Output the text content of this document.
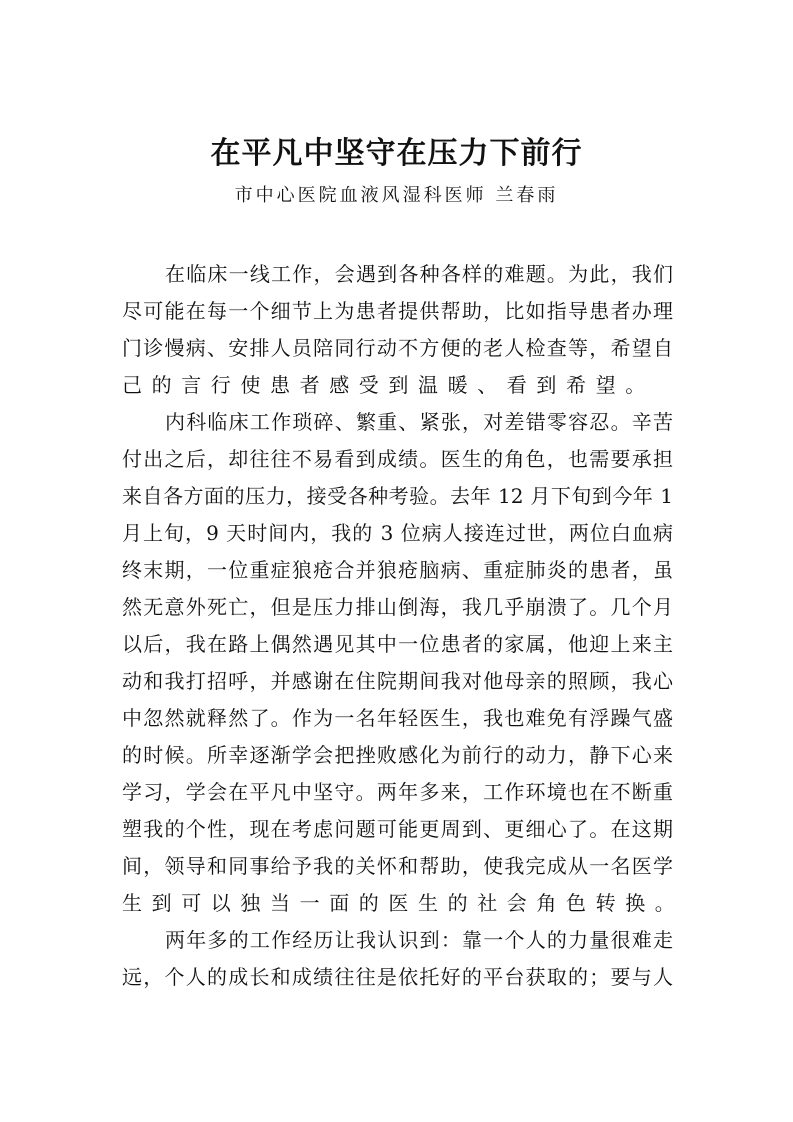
在平凡中坚守在压力下前行
市中心医院血液风湿科医师 兰春雨
在临床一线工作，会遇到各种各样的难题。为此，我们
尽可能在每一个细节上为患者提供帮助，比如指导患者办理
门诊慢病、安排人员陪同行动不方便的老人检查等，希望自
己的言行使患者感受到温暖、看到希望。
内科临床工作琐碎、繁重、紧张，对差错零容忍。辛苦
付出之后，却往往不易看到成绩。医生的角色，也需要承担
来自各方面的压力，接受各种考验。去年 12 月下旬到今年 1
月上旬，9 天时间内，我的 3 位病人接连过世，两位白血病
终末期，一位重症狼疮合并狼疮脑病、重症肺炎的患者，虽
然无意外死亡，但是压力排山倒海，我几乎崩溃了。几个月
以后，我在路上偶然遇见其中一位患者的家属，他迎上来主
动和我打招呼，并感谢在住院期间我对他母亲的照顾，我心
中忽然就释然了。作为一名年轻医生，我也难免有浮躁气盛
的时候。所幸逐渐学会把挫败感化为前行的动力，静下心来
学习，学会在平凡中坚守。两年多来，工作环境也在不断重
塑我的个性，现在考虑问题可能更周到、更细心了。在这期
间，领导和同事给予我的关怀和帮助，使我完成从一名医学
生到可以独当一面的医生的社会角色转换。
两年多的工作经历让我认识到：靠一个人的力量很难走
远，个人的成长和成绩往往是依托好的平台获取的；要与人
